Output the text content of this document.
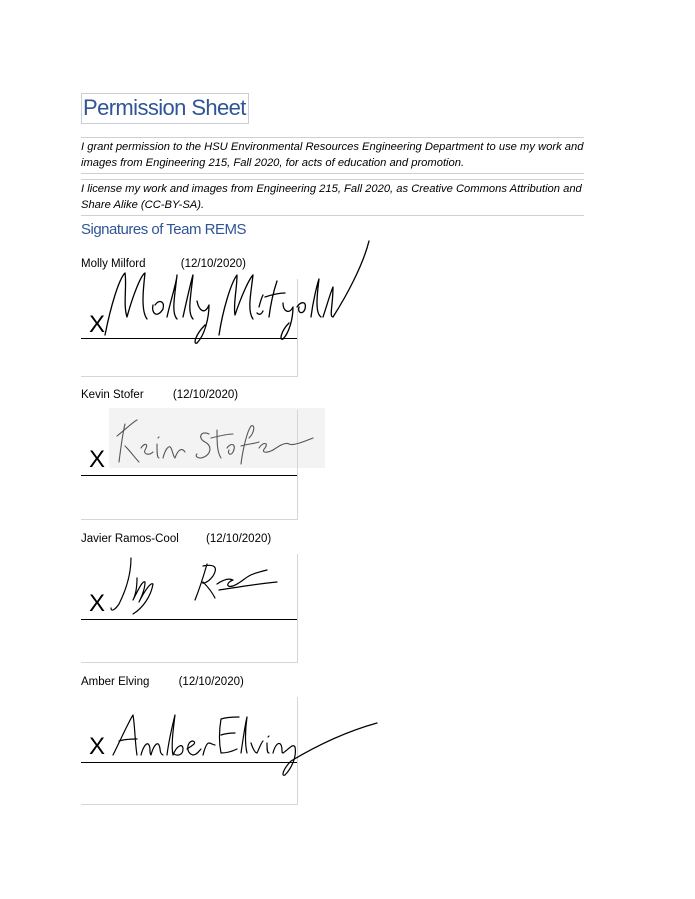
Permission Sheet
I grant permission to the HSU Environmental Resources Engineering Department to use my work and images from Engineering 215, Fall 2020, for acts of education and promotion.
I license my work and images from Engineering 215, Fall 2020, as Creative Commons Attribution and Share Alike (CC-BY-SA).
Signatures of Team REMS
Molly Milford	(12/10/2020)
X
Kevin Stofer	(12/10/2020)
X
Javier Ramos-Cool (12/10/2020)
X
Amber Elving	(12/10/2020)
X
